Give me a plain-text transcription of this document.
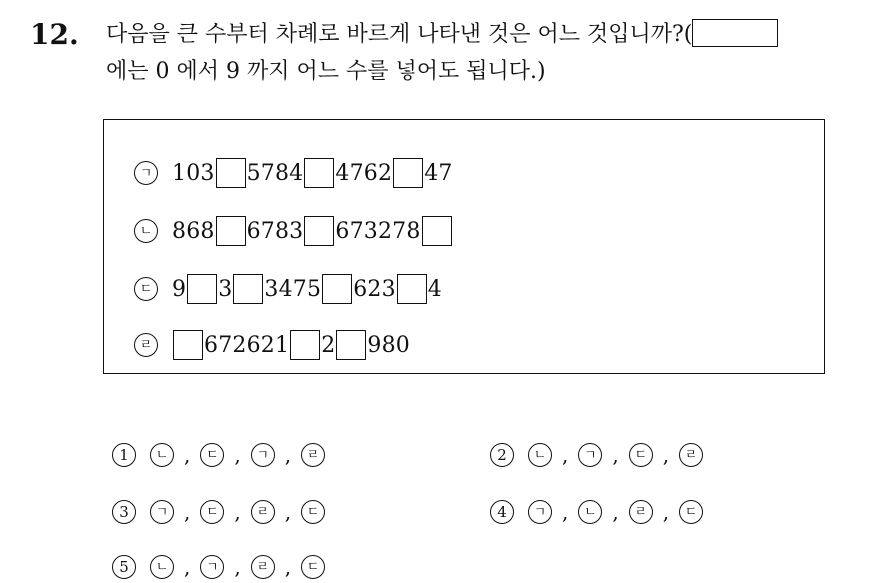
12. 다음을 큰 수부터 차례로 바르게 나타낸 것은 어느 것입니까?(
에는 0 에서 9 까지 어느 수를 넣어도 됩니다.)
ㄱ 103 5784 4762 47
ㄴ 868 6783 673278
ㄷ 9 3 3475 623 4
ㄹ 672621 2 980
1	ㄴ ,	ㄷ ,	ㄱ ,	ㄹ	2	ㄴ ,	ㄱ ,	ㄷ ,	ㄹ
3	ㄱ ,	ㄷ ,	ㄹ ,	ㄷ	4	ㄱ ,	ㄴ ,	ㄹ ,	ㄷ
5	ㄴ ,	ㄱ ,	ㄹ ,	ㄷ
